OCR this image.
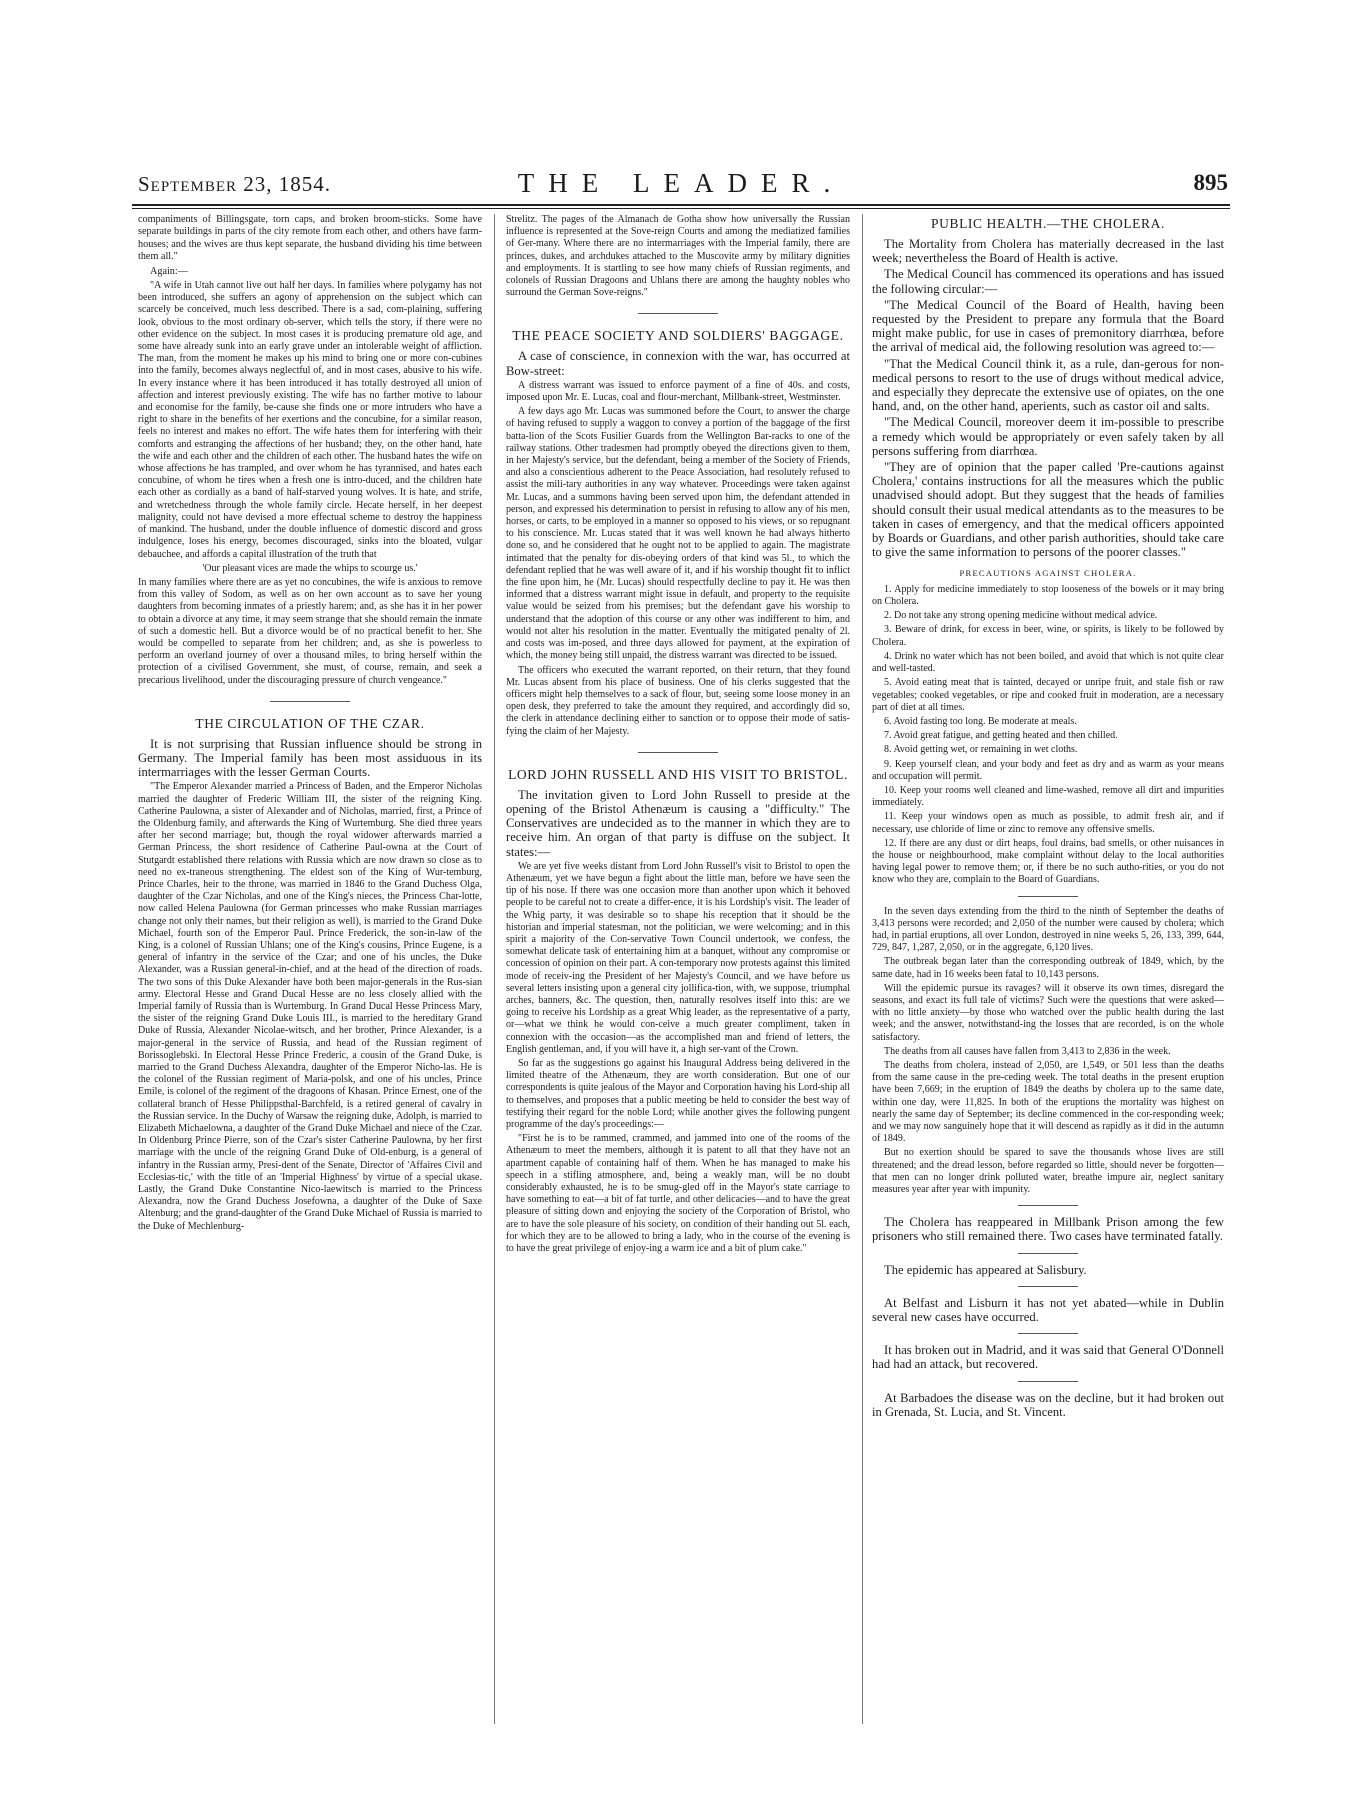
September 23, 1854.	THE LEADER.	895

companiments of Billingsgate, torn caps, and broken broom-sticks. Some have separate buildings in parts of the city remote from each other, and others have farm-houses; and the wives are thus kept separate, the husband dividing his time between them all."

Again:—

"A wife in Utah cannot live out half her days. In families where polygamy has not been introduced, she suffers an agony of apprehension on the subject which can scarcely be conceived, much less described. There is a sad, com-plaining, suffering look, obvious to the most ordinary ob-server, which tells the story, if there were no other evidence on the subject. In most cases it is producing premature old age, and some have already sunk into an early grave under an intolerable weight of affliction. The man, from the moment he makes up his mind to bring one or more con-cubines into the family, becomes always neglectful of, and in most cases, abusive to his wife. In every instance where it has been introduced it has totally destroyed all union of affection and interest previously existing. The wife has no farther motive to labour and economise for the family, be-cause she finds one or more intruders who have a right to share in the benefits of her exertions and the concubine, for a similar reason, feels no interest and makes no effort. The wife hates them for interfering with their comforts and estranging the affections of her husband; they, on the other hand, hate the wife and each other and the children of each other. The husband hates the wife on whose affections he has trampled, and over whom he has tyrannised, and hates each concubine, of whom he tires when a fresh one is intro-duced, and the children hate each other as cordially as a band of half-starved young wolves. It is hate, and strife, and wretchedness through the whole family circle. Hecate herself, in her deepest malignity, could not have devised a more effectual scheme to destroy the happiness of mankind. The husband, under the double influence of domestic discord and gross indulgence, loses his energy, becomes discouraged, sinks into the bloated, vulgar debauchee, and affords a capital illustration of the truth that

'Our pleasant vices are made the whips to scourge us.'

In many families where there are as yet no concubines, the wife is anxious to remove from this valley of Sodom, as well as on her own account as to save her young daughters from becoming inmates of a priestly harem; and, as she has it in her power to obtain a divorce at any time, it may seem strange that she should remain the inmate of such a domestic hell. But a divorce would be of no practical benefit to her. She would be compelled to separate from her children; and, as she is powerless to perform an overland journey of over a thousand miles, to bring herself within the protection of a civilised Government, she must, of course, remain, and seek a precarious livelihood, under the discouraging pressure of church vengeance."

THE CIRCULATION OF THE CZAR.

It is not surprising that Russian influence should be strong in Germany. The Imperial family has been most assiduous in its intermarriages with the lesser German Courts.

"The Emperor Alexander married a Princess of Baden, and the Emperor Nicholas married the daughter of Frederic William III, the sister of the reigning King. Catherine Paulowna, a sister of Alexander and of Nicholas, married, first, a Prince of the Oldenburg family, and afterwards the King of Wurtemburg. She died three years after her second marriage; but, though the royal widower afterwards married a German Princess, the short residence of Catherine Paul-owna at the Court of Stutgardt established there relations with Russia which are now drawn so close as to need no ex-traneous strengthening. The eldest son of the King of Wur-temburg, Prince Charles, heir to the throne, was married in 1846 to the Grand Duchess Olga, daughter of the Czar Nicholas, and one of the King's nieces, the Princess Char-lotte, now called Helena Paulowna (for German princesses who make Russian marriages change not only their names, but their religion as well), is married to the Grand Duke Michael, fourth son of the Emperor Paul. Prince Frederick, the son-in-law of the King, is a colonel of Russian Uhlans; one of the King's cousins, Prince Eugene, is a general of infantry in the service of the Czar; and one of his uncles, the Duke Alexander, was a Russian general-in-chief, and at the head of the direction of roads. The two sons of this Duke Alexander have both been major-generals in the Rus-sian army. Electoral Hesse and Grand Ducal Hesse are no less closely allied with the Imperial family of Russia than is Wurtemburg. In Grand Ducal Hesse Princess Mary, the sister of the reigning Grand Duke Louis III., is married to the hereditary Grand Duke of Russia, Alexander Nicolae-witsch, and her brother, Prince Alexander, is a major-general in the service of Russia, and head of the Russian regiment of Borissoglebski. In Electoral Hesse Prince Frederic, a cousin of the Grand Duke, is married to the Grand Duchess Alexandra, daughter of the Emperor Nicho-las. He is the colonel of the Russian regiment of Maria-polsk, and one of his uncles, Prince Emile, is colonel of the regiment of the dragoons of Khasan. Prince Ernest, one of the collateral branch of Hesse Philippsthal-Barchfeld, is a retired general of cavalry in the Russian service. In the Duchy of Warsaw the reigning duke, Adolph, is married to Elizabeth Michaelowna, a daughter of the Grand Duke Michael and niece of the Czar. In Oldenburg Prince Pierre, son of the Czar's sister Catherine Paulowna, by her first marriage with the uncle of the reigning Grand Duke of Old-enburg, is a general of infantry in the Russian army, Presi-dent of the Senate, Director of 'Affaires Civil and Ecclesias-tic,' with the title of an 'Imperial Highness' by virtue of a special ukase. Lastly, the Grand Duke Constantine Nico-laewitsch is married to the Princess Alexandra, now the Grand Duchess Josefowna, a daughter of the Duke of Saxe Altenburg; and the grand-daughter of the Grand Duke Michael of Russia is married to the Duke of Mechlenburg-

Strelitz. The pages of the Almanach de Gotha show how universally the Russian influence is represented at the Sove-reign Courts and among the mediatized families of Ger-many. Where there are no intermarriages with the Imperial family, there are princes, dukes, and archdukes attached to the Muscovite army by military dignities and employments. It is startling to see how many chiefs of Russian regiments, and colonels of Russian Dragoons and Uhlans there are among the haughty nobles who surround the German Sove-reigns."

THE PEACE SOCIETY AND SOLDIERS' BAGGAGE.

A case of conscience, in connexion with the war, has occurred at Bow-street:

A distress warrant was issued to enforce payment of a fine of 40s. and costs, imposed upon Mr. E. Lucas, coal and flour-merchant, Millbank-street, Westminster.

A few days ago Mr. Lucas was summoned before the Court, to answer the charge of having refused to supply a waggon to convey a portion of the baggage of the first batta-lion of the Scots Fusilier Guards from the Wellington Bar-racks to one of the railway stations. Other tradesmen had promptly obeyed the directions given to them, in her Majesty's service, but the defendant, being a member of the Society of Friends, and also a conscientious adherent to the Peace Association, had resolutely refused to assist the mili-tary authorities in any way whatever. Proceedings were taken against Mr. Lucas, and a summons having been served upon him, the defendant attended in person, and expressed his determination to persist in refusing to allow any of his men, horses, or carts, to be employed in a manner so opposed to his views, or so repugnant to his conscience. Mr. Lucas stated that it was well known he had always hitherto done so, and he considered that he ought not to be applied to again. The magistrate intimated that the penalty for dis-obeying orders of that kind was 5l., to which the defendant replied that he was well aware of it, and if his worship thought fit to inflict the fine upon him, he (Mr. Lucas) should respectfully decline to pay it. He was then informed that a distress warrant might issue in default, and property to the requisite value would be seized from his premises; but the defendant gave his worship to understand that the adoption of this course or any other was indifferent to him, and would not alter his resolution in the matter. Eventually the mitigated penalty of 2l. and costs was im-posed, and three days allowed for payment, at the expiration of which, the money being still unpaid, the distress warrant was directed to be issued.

The officers who executed the warrant reported, on their return, that they found Mr. Lucas absent from his place of business. One of his clerks suggested that the officers might help themselves to a sack of flour, but, seeing some loose money in an open desk, they preferred to take the amount they required, and accordingly did so, the clerk in attendance declining either to sanction or to oppose their mode of satis-fying the claim of her Majesty.

LORD JOHN RUSSELL AND HIS VISIT TO BRISTOL.

The invitation given to Lord John Russell to preside at the opening of the Bristol Athenæum is causing a "difficulty." The Conservatives are undecided as to the manner in which they are to receive him. An organ of that party is diffuse on the subject. It states:—

We are yet five weeks distant from Lord John Russell's visit to Bristol to open the Athenæum, yet we have begun a fight about the little man, before we have seen the tip of his nose. If there was one occasion more than another upon which it behoved people to be careful not to create a differ-ence, it is his Lordship's visit. The leader of the Whig party, it was desirable so to shape his reception that it should be the historian and imperial statesman, not the politician, we were welcoming; and in this spirit a majority of the Con-servative Town Council undertook, we confess, the somewhat delicate task of entertaining him at a banquet, without any compromise or concession of opinion on their part. A con-temporary now protests against this limited mode of receiv-ing the President of her Majesty's Council, and we have before us several letters insisting upon a general city jollifica-tion, with, we suppose, triumphal arches, banners, &c. The question, then, naturally resolves itself into this: are we going to receive his Lordship as a great Whig leader, as the representative of a party, or—what we think he would con-ceive a much greater compliment, taken in connexion with the occasion—as the accomplished man and friend of letters, the English gentleman, and, if you will have it, a high ser-vant of the Crown.

So far as the suggestions go against his Inaugural Address being delivered in the limited theatre of the Athenæum, they are worth consideration. But one of our correspondents is quite jealous of the Mayor and Corporation having his Lord-ship all to themselves, and proposes that a public meeting be held to consider the best way of testifying their regard for the noble Lord; while another gives the following pungent programme of the day's proceedings:—

"First he is to be rammed, crammed, and jammed into one of the rooms of the Athenæum to meet the members, although it is patent to all that they have not an apartment capable of containing half of them. When he has managed to make his speech in a stifling atmosphere, and, being a weakly man, will be no doubt considerably exhausted, he is to be smug-gled off in the Mayor's state carriage to have something to eat—a bit of fat turtle, and other delicacies—and to have the great pleasure of sitting down and enjoying the society of the Corporation of Bristol, who are to have the sole pleasure of his society, on condition of their handing out 5l. each, for which they are to be allowed to bring a lady, who in the course of the evening is to have the great privilege of enjoy-ing a warm ice and a bit of plum cake."

PUBLIC HEALTH.—THE CHOLERA.

The Mortality from Cholera has materially decreased in the last week; nevertheless the Board of Health is active.

The Medical Council has commenced its operations and has issued the following circular:—

"The Medical Council of the Board of Health, having been requested by the President to prepare any formula that the Board might make public, for use in cases of premonitory diarrhœa, before the arrival of medical aid, the following resolution was agreed to:—

"That the Medical Council think it, as a rule, dan-gerous for non-medical persons to resort to the use of drugs without medical advice, and especially they deprecate the extensive use of opiates, on the one hand, and, on the other hand, aperients, such as castor oil and salts.

"The Medical Council, moreover deem it im-possible to prescribe a remedy which would be appropriately or even safely taken by all persons suffering from diarrhœa.

"They are of opinion that the paper called 'Pre-cautions against Cholera,' contains instructions for all the measures which the public unadvised should adopt. But they suggest that the heads of families should consult their usual medical attendants as to the measures to be taken in cases of emergency, and that the medical officers appointed by Boards or Guardians, and other parish authorities, should take care to give the same information to persons of the poorer classes."

PRECAUTIONS AGAINST CHOLERA.

1. Apply for medicine immediately to stop looseness of the bowels or it may bring on Cholera.

2. Do not take any strong opening medicine without medical advice.

3. Beware of drink, for excess in beer, wine, or spirits, is likely to be followed by Cholera.

4. Drink no water which has not been boiled, and avoid that which is not quite clear and well-tasted.

5. Avoid eating meat that is tainted, decayed or unripe fruit, and stale fish or raw vegetables; cooked vegetables, or ripe and cooked fruit in moderation, are a necessary part of diet at all times.

6. Avoid fasting too long. Be moderate at meals.

7. Avoid great fatigue, and getting heated and then chilled.

8. Avoid getting wet, or remaining in wet cloths.

9. Keep yourself clean, and your body and feet as dry and as warm as your means and occupation will permit.

10. Keep your rooms well cleaned and lime-washed, remove all dirt and impurities immediately.

11. Keep your windows open as much as possible, to admit fresh air, and if necessary, use chloride of lime or zinc to remove any offensive smells.

12. If there are any dust or dirt heaps, foul drains, bad smells, or other nuisances in the house or neighbourhood, make complaint without delay to the local authorities having legal power to remove them; or, if there be no such autho-rities, or you do not know who they are, complain to the Board of Guardians.

In the seven days extending from the third to the ninth of September the deaths of 3,413 persons were recorded; and 2,050 of the number were caused by cholera; which had, in partial eruptions, all over London, destroyed in nine weeks 5, 26, 133, 399, 644, 729, 847, 1,287, 2,050, or in the aggregate, 6,120 lives.

The outbreak began later than the corresponding outbreak of 1849, which, by the same date, had in 16 weeks been fatal to 10,143 persons.

Will the epidemic pursue its ravages? will it observe its own times, disregard the seasons, and exact its full tale of victims? Such were the questions that were asked—with no little anxiety—by those who watched over the public health during the last week; and the answer, notwithstand-ing the losses that are recorded, is on the whole satisfactory.

The deaths from all causes have fallen from 3,413 to 2,836 in the week.

The deaths from cholera, instead of 2,050, are 1,549, or 501 less than the deaths from the same cause in the pre-ceding week. The total deaths in the present eruption have been 7,669; in the eruption of 1849 the deaths by cholera up to the same date, within one day, were 11,825. In both of the eruptions the mortality was highest on nearly the same day of September; its decline commenced in the cor-responding week; and we may now sanguinely hope that it will descend as rapidly as it did in the autumn of 1849.

But no exertion should be spared to save the thousands whose lives are still threatened; and the dread lesson, before regarded so little, should never be forgotten—that men can no longer drink polluted water, breathe impure air, neglect sanitary measures year after year with impunity.

The Cholera has reappeared in Millbank Prison among the few prisoners who still remained there. Two cases have terminated fatally.

The epidemic has appeared at Salisbury.

At Belfast and Lisburn it has not yet abated—while in Dublin several new cases have occurred.

It has broken out in Madrid, and it was said that General O'Donnell had had an attack, but recovered.

At Barbadoes the disease was on the decline, but it had broken out in Grenada, St. Lucia, and St. Vincent.
